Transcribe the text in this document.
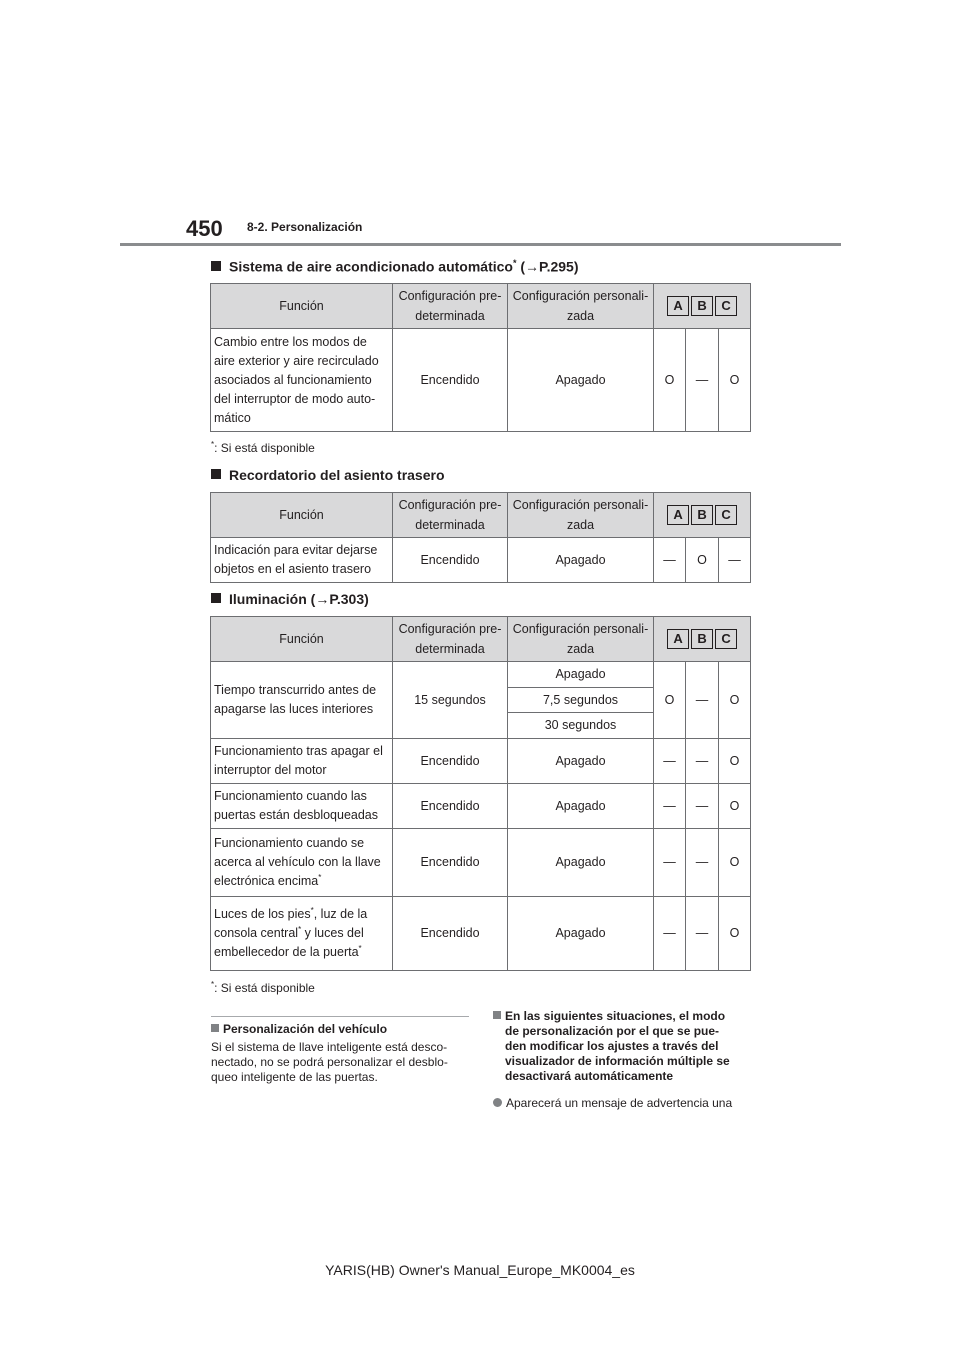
450 8-2. Personalización
Sistema de aire acondicionado automático* (→P.295)
Función	Configuración pre-
determinada	Configuración personali-
zada	A B C		

Cambio entre los modos de
aire exterior y aire recirculado
asociados al funcionamiento
del interruptor de modo auto-
mático	Encendido	Apagado	O	—	O
*: Si está disponible
Recordatorio del asiento trasero
Función	Configuración pre-
determinada	Configuración personali-
zada	A B C		

Indicación para evitar dejarse
objetos en el asiento trasero	Encendido	Apagado	—	O	—
Iluminación (→P.303)
Función	Configuración pre-
determinada	Configuración personali-
zada	A B C		

Tiempo transcurrido antes de
apagarse las luces interiores	15 segundos	Apagado	O	—	O
		7,5 segundos			
		30 segundos			
Funcionamiento tras apagar el
interruptor del motor	Encendido	Apagado	—	—	O
Funcionamiento cuando las
puertas están desbloqueadas	Encendido	Apagado	—	—	O
Funcionamiento cuando se
acerca al vehículo con la llave
electrónica encima*	Encendido	Apagado	—	—	O
Luces de los pies*, luz de la
consola central* y luces del
embellecedor de la puerta*	Encendido	Apagado	—	—	O
*: Si está disponible
Personalización del vehículo
Si el sistema de llave inteligente está desco-
nectado, no se podrá personalizar el desblo-
queo inteligente de las puertas.
En las siguientes situaciones, el modo
de personalización por el que se pue-
den modificar los ajustes a través del
visualizador de información múltiple se
desactivará automáticamente
Aparecerá un mensaje de advertencia una
YARIS(HB) Owner's Manual_Europe_MK0004_es
